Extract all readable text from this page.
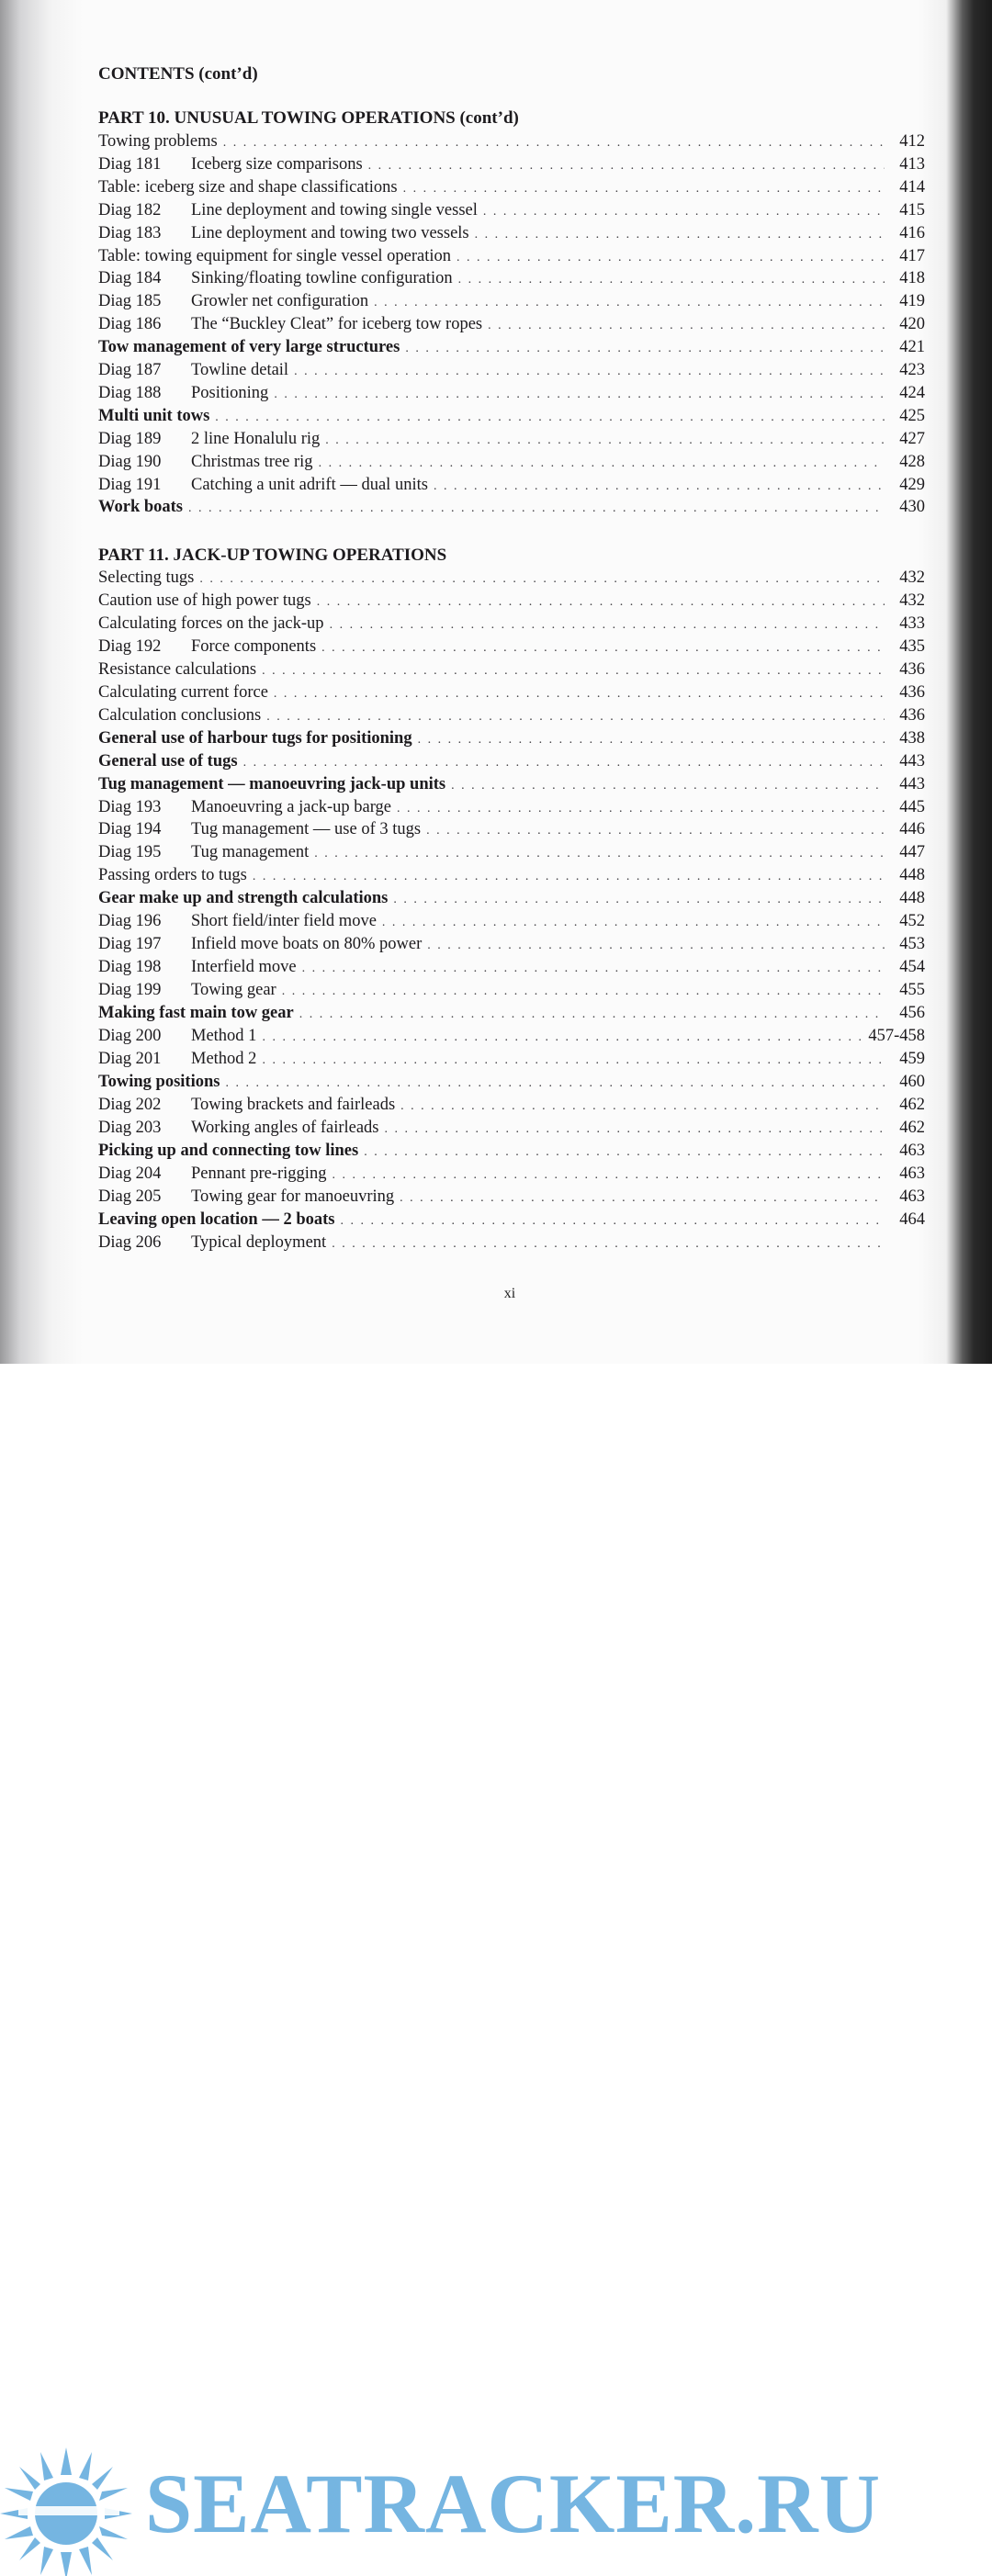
CONTENTS (cont’d)
PART 10. UNUSUAL TOWING OPERATIONS (cont’d)
Towing problems . . .	412
Diag 181	Iceberg size comparisons . . .	413
Table: iceberg size and shape classifications . . .	414
Diag 182	Line deployment and towing single vessel . . .	415
Diag 183	Line deployment and towing two vessels . . .	416
Table: towing equipment for single vessel operation . . .	417
Diag 184	Sinking/floating towline configuration . . .	418
Diag 185	Growler net configuration . . .	419
Diag 186	The “Buckley Cleat” for iceberg tow ropes . . .	420
Tow management of very large structures . . .	421
Diag 187	Towline detail . . .	423
Diag 188	Positioning . . .	424
Multi unit tows . . .	425
Diag 189	2 line Honalulu rig . . .	427
Diag 190	Christmas tree rig . . .	428
Diag 191	Catching a unit adrift — dual units . . .	429
Work boats . . .	430
PART 11. JACK-UP TOWING OPERATIONS
Selecting tugs . . .	432
Caution use of high power tugs . . .	432
Calculating forces on the jack-up . . .	433
Diag 192	Force components . . .	435
Resistance calculations . . .	436
Calculating current force . . .	436
Calculation conclusions . . .	436
General use of harbour tugs for positioning . . .	438
General use of tugs . . .	443
Tug management — manoeuvring jack-up units . . .	443
Diag 193	Manoeuvring a jack-up barge . . .	445
Diag 194	Tug management — use of 3 tugs . . .	446
Diag 195	Tug management . . .	447
Passing orders to tugs . . .	448
Gear make up and strength calculations . . .	448
Diag 196	Short field/inter field move . . .	452
Diag 197	Infield move boats on 80% power . . .	453
Diag 198	Interfield move . . .	454
Diag 199	Towing gear . . .	455
Making fast main tow gear . . .	456
Diag 200	Method 1 . . .	457-458
Diag 201	Method 2 . . .	459
Towing positions . . .	460
Diag 202	Towing brackets and fairleads . . .	462
Diag 203	Working angles of fairleads . . .	462
Picking up and connecting tow lines . . .	463
Diag 204	Pennant pre-rigging . . .	463
Diag 205	Towing gear for manoeuvring . . .	463
Leaving open location — 2 boats . . .	464
Diag 206	Typical deployment
. . .
xi
SEATRACKER.RU
